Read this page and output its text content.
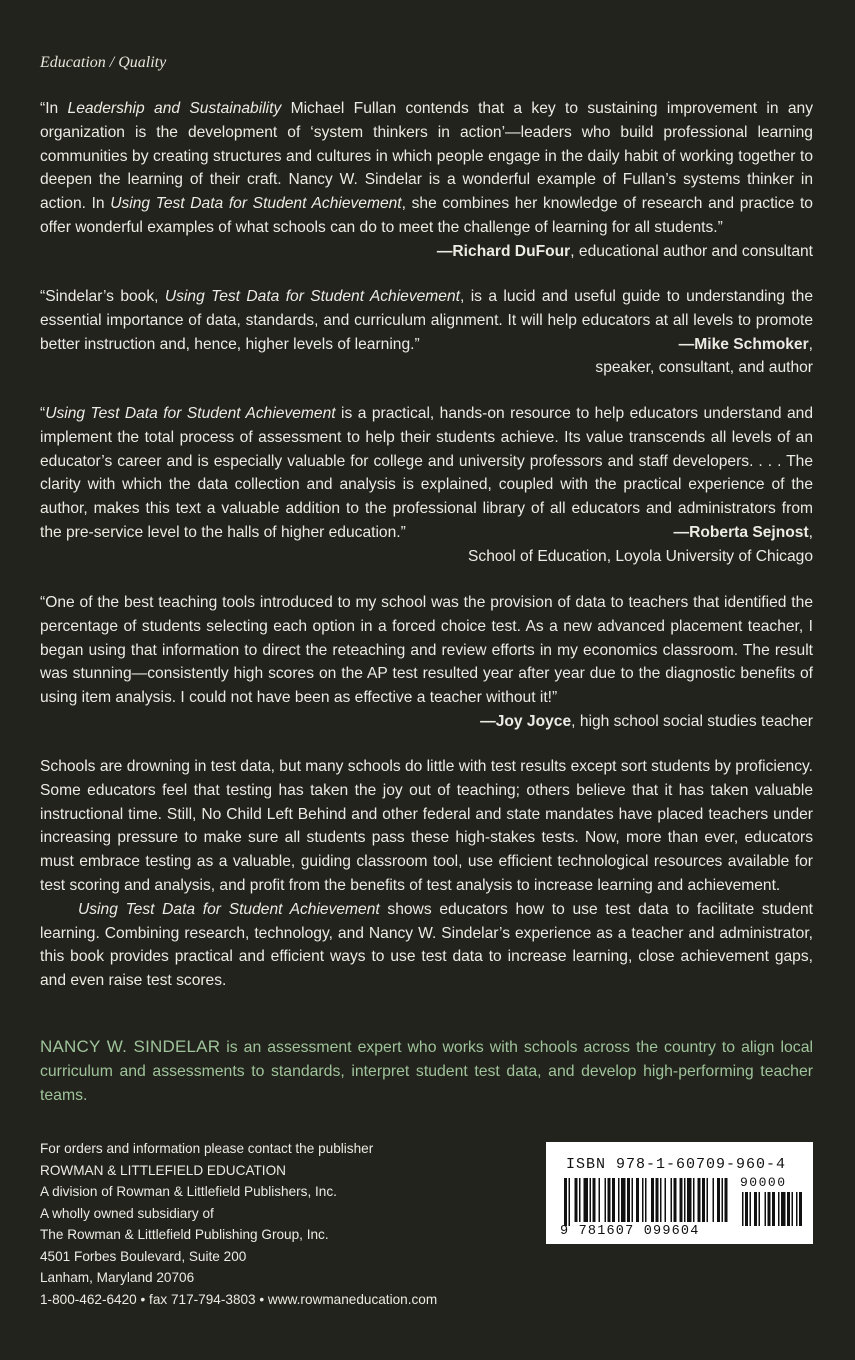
Education / Quality

“In Leadership and Sustainability Michael Fullan contends that a key to sustaining improvement in any organization is the development of ‘system thinkers in action’—leaders who build professional learning communities by creating structures and cultures in which people engage in the daily habit of working together to deepen the learning of their craft. Nancy W. Sindelar is a wonderful example of Fullan’s systems thinker in action. In Using Test Data for Student Achievement, she combines her knowledge of research and practice to offer wonderful examples of what schools can do to meet the challenge of learning for all students.”

—Richard DuFour, educational author and consultant

“Sindelar’s book, Using Test Data for Student Achievement, is a lucid and useful guide to understanding the essential importance of data, standards, and curriculum alignment. It will help educators at all levels to promote better instruction and, hence, higher levels of learning.”	—Mike Schmoker,

speaker, consultant, and author

“Using Test Data for Student Achievement is a practical, hands-on resource to help educators understand and implement the total process of assessment to help their students achieve. Its value transcends all levels of an educator’s career and is especially valuable for college and university professors and staff developers. . . . The clarity with which the data collection and analysis is explained, coupled with the practical experience of the author, makes this text a valuable addition to the professional library of all educators and administrators from the pre-service level to the halls of higher education.”	—Roberta Sejnost,

School of Education, Loyola University of Chicago

“One of the best teaching tools introduced to my school was the provision of data to teachers that identified the percentage of students selecting each option in a forced choice test. As a new advanced placement teacher, I began using that information to direct the reteaching and review efforts in my economics classroom. The result was stunning—consistently high scores on the AP test resulted year after year due to the diagnostic benefits of using item analysis. I could not have been as effective a teacher without it!”

—Joy Joyce, high school social studies teacher

Schools are drowning in test data, but many schools do little with test results except sort students by proficiency. Some educators feel that testing has taken the joy out of teaching; others believe that it has taken valuable instructional time. Still, No Child Left Behind and other federal and state mandates have placed teachers under increasing pressure to make sure all students pass these high-stakes tests. Now, more than ever, educators must embrace testing as a valuable, guiding classroom tool, use efficient technological resources available for test scoring and analysis, and profit from the benefits of test analysis to increase learning and achievement.

Using Test Data for Student Achievement shows educators how to use test data to facilitate student learning. Combining research, technology, and Nancy W. Sindelar’s experience as a teacher and administrator, this book provides practical and efficient ways to use test data to increase learning, close achievement gaps, and even raise test scores.

NANCY W. SINDELAR is an assessment expert who works with schools across the country to align local curriculum and assessments to standards, interpret student test data, and develop high-performing teacher teams.

For orders and information please contact the publisher
ROWMAN & LITTLEFIELD EDUCATION
A division of Rowman & Littlefield Publishers, Inc.
A wholly owned subsidiary of
The Rowman & Littlefield Publishing Group, Inc.
4501 Forbes Boulevard, Suite 200
Lanham, Maryland 20706
1-800-462-6420 • fax 717-794-3803 • www.rowmaneducation.com
ISBN 978-1-60709-960-4
90000
9 781607 099604
